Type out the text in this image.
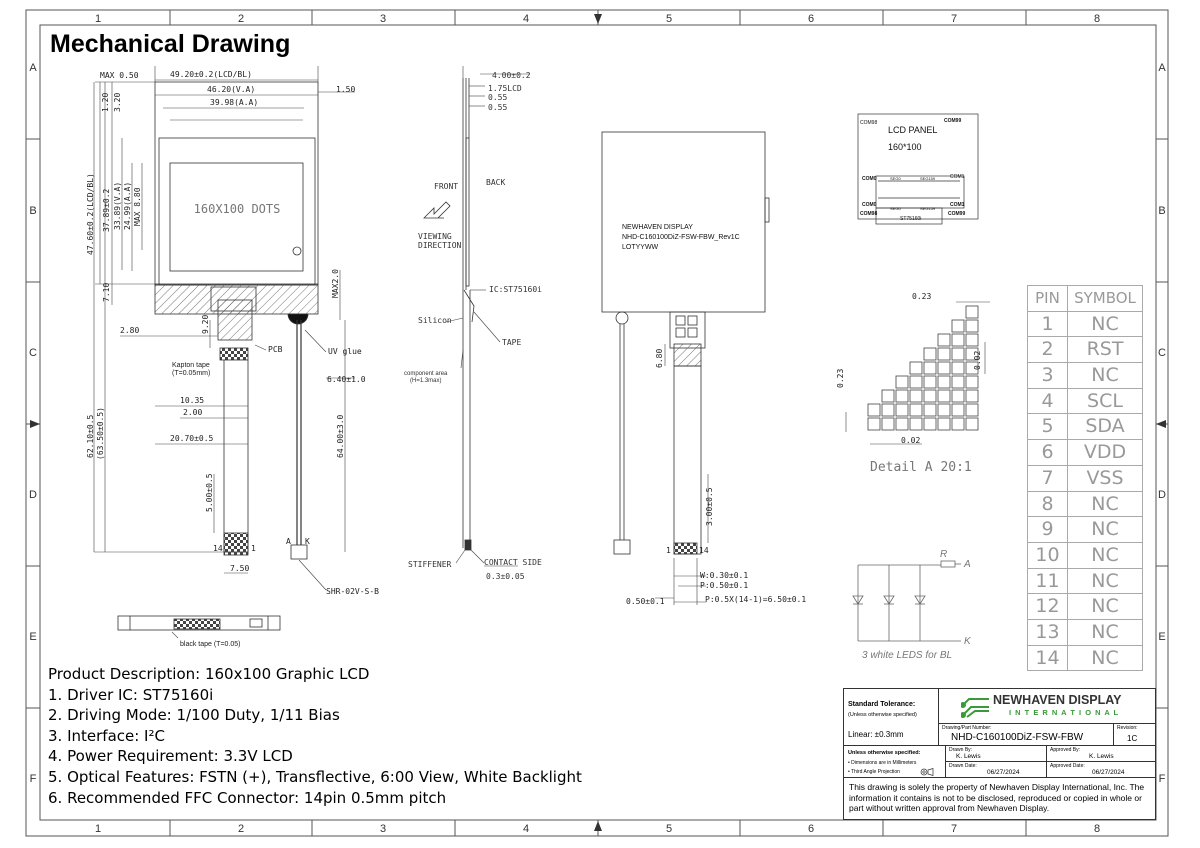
1	2	3	4	5	6	7	8
1	2	3	4	5	6	7	8
A
B
C
D
E
F
A
B
C
D
E
F
MAX 0.50	49.20±0.2(LCD/BL)
46.20(V.A)
39.98(A.A)
1.50
1.20 3.20
47.60±0.2(LCD/BL) 37.89±0.2 33.89(V.A) 24.99(A.A) MAX 8.80
7.10
2.80	9.20
10.35
2.00
20.70±0.5
62.10±0.5 (63.50±0.5)
5.00±0.5
7.50
64.00±3.0
6.40±1.0
MAX2.0
14	1
A K
160X100 DOTS
Kapton tape
(T=0.05mm)
PCB	UV glue
SHR-02V-S-B
black tape (T=0.05)
FRONT	BACK
VIEWING
DIRECTION
IC:ST75160i
Silicon
TAPE
component area
(H=1.3max)
STIFFENER	CONTACT SIDE
0.3±0.05
4.00±0.2
1.75LCD
0.55
0.55
NEWHAVEN DISPLAY
NHD-C160100DiZ-FSW-FBW_Rev1C
LOTYYWW
6.80
3.00±0.5
W:0.30±0.1
P:0.50±0.1
P:0.5X(14-1)=6.50±0.1
0.50±0.1
1	14
LCD PANEL
160*100
COM98	COM99
COM0	SEG0	SEG159	COM1
COM0
SEG0	SEG159
COM1
COM98	COM99
ST75160i
0.23
0.23
0.02
0.02
Detail A 20:1
R
A
K
3 white LEDS for BL
PIN SYMBOL
1 NC
2 RST
3 NC
4 SCL
5 SDA
6 VDD
7 VSS
8 NC
9 NC
10 NC
11 NC
12 NC
13 NC
14 NC
Mechanical Drawing
Product Description: 160x100 Graphic LCD
1. Driver IC: ST75160i
2. Driving Mode: 1/100 Duty, 1/11 Bias
3. Interface: I²C
4. Power Requirement: 3.3V LCD
5. Optical Features: FSTN (+), Transflective, 6:00 View, White Backlight
6. Recommended FFC Connector: 14pin 0.5mm pitch
Standard Tolerance:
(Unless otherwise specified)
Linear: ±0.3mm
NEWHAVEN DISPLAY
I N T E R N A T I O N A L
Drawing/Part Number:
NHD-C160100DiZ-FSW-FBW
Revision:
1C
Unless otherwise specified:
• Dimensions are in Millimeters
• Third Angle Projection
Drawn By:
K. Lewis
Approved By:
K. Lewis
Drawn Date:
06/27/2024
Approved Date:
06/27/2024
This drawing is solely the property of Newhaven Display International, Inc. The information it contains is not to be disclosed, reproduced or copied in whole or part without written approval from Newhaven Display.
